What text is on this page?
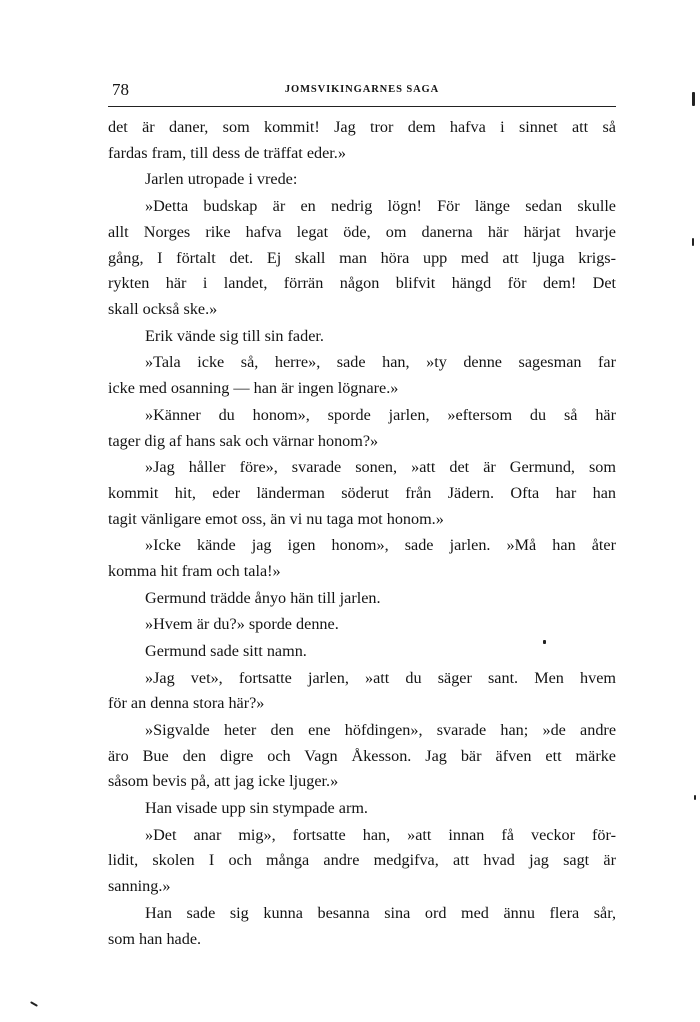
78	JOMSVIKINGARNES SAGA
det är daner, som kommit! Jag tror dem hafva i sinnet att så
fardas fram, till dess de träffat eder.»
Jarlen utropade i vrede:
»Detta budskap är en nedrig lögn! För länge sedan skulle
allt Norges rike hafva legat öde, om danerna här härjat hvarje
gång, I förtalt det. Ej skall man höra upp med att ljuga krigs-
rykten här i landet, förrän någon blifvit hängd för dem! Det
skall också ske.»
Erik vände sig till sin fader.
»Tala icke så, herre», sade han, »ty denne sagesman far
icke med osanning — han är ingen lögnare.»
»Känner du honom», sporde jarlen, »eftersom du så här
tager dig af hans sak och värnar honom?»
»Jag håller före», svarade sonen, »att det är Germund, som
kommit hit, eder länderman söderut från Jädern. Ofta har han
tagit vänligare emot oss, än vi nu taga mot honom.»
»Icke kände jag igen honom», sade jarlen. »Må han åter
komma hit fram och tala!»
Germund trädde ånyo hän till jarlen.
»Hvem är du?» sporde denne.
Germund sade sitt namn.
»Jag vet», fortsatte jarlen, »att du säger sant. Men hvem
för an denna stora här?»
»Sigvalde heter den ene höfdingen», svarade han; »de andre
äro Bue den digre och Vagn Åkesson. Jag bär äfven ett märke
såsom bevis på, att jag icke ljuger.»
Han visade upp sin stympade arm.
»Det anar mig», fortsatte han, »att innan få veckor för-
lidit, skolen I och många andre medgifva, att hvad jag sagt är
sanning.»
Han sade sig kunna besanna sina ord med ännu flera sår,
som han hade.
